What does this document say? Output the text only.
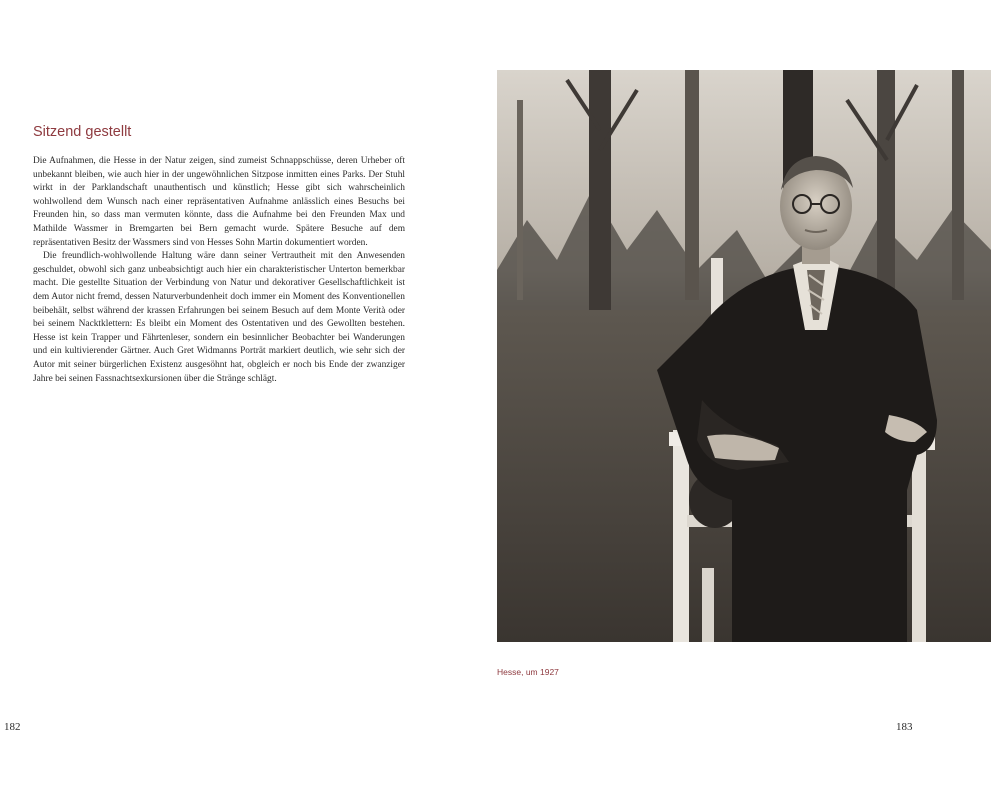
Sitzend gestellt

Die Aufnahmen, die Hesse in der Natur zeigen, sind zumeist Schnappschüsse, deren Urheber oft unbekannt bleiben, wie auch hier in der ungewöhnlichen Sitzpose inmitten eines Parks. Der Stuhl wirkt in der Parklandschaft unauthentisch und künstlich; Hesse gibt sich wahrscheinlich wohlwollend dem Wunsch nach einer repräsentativen Aufnahme anlässlich eines Besuchs bei Freunden hin, so dass man vermuten könnte, dass die Aufnahme bei den Freunden Max und Mathilde Wassmer in Bremgarten bei Bern gemacht wurde. Spätere Besuche auf dem repräsentativen Besitz der Wassmers sind von Hesses Sohn Martin dokumentiert worden.

Die freundlich-wohlwollende Haltung wäre dann seiner Vertrautheit mit den Anwesenden geschuldet, obwohl sich ganz unbeabsichtigt auch hier ein charakteristischer Unterton bemerkbar macht. Die gestellte Situation der Verbindung von Natur und dekorativer Gesellschaftlichkeit ist dem Autor nicht fremd, dessen Naturverbundenheit doch immer ein Moment des Konventionellen beibehält, selbst während der krassen Erfahrungen bei seinem Besuch auf dem Monte Verità oder bei seinem Nacktklettern: Es bleibt ein Moment des Ostentativen und des Gewollten bestehen. Hesse ist kein Trapper und Fährtenleser, sondern ein besinnlicher Beobachter bei Wanderungen und ein kultivierender Gärtner. Auch Gret Widmanns Porträt markiert deutlich, wie sehr sich der Autor mit seiner bürgerlichen Existenz ausgesöhnt hat, obgleich er noch bis Ende der zwanziger Jahre bei seinen Fassnachtsexkursionen über die Stränge schlägt.

182
Hesse, um 1927
183
